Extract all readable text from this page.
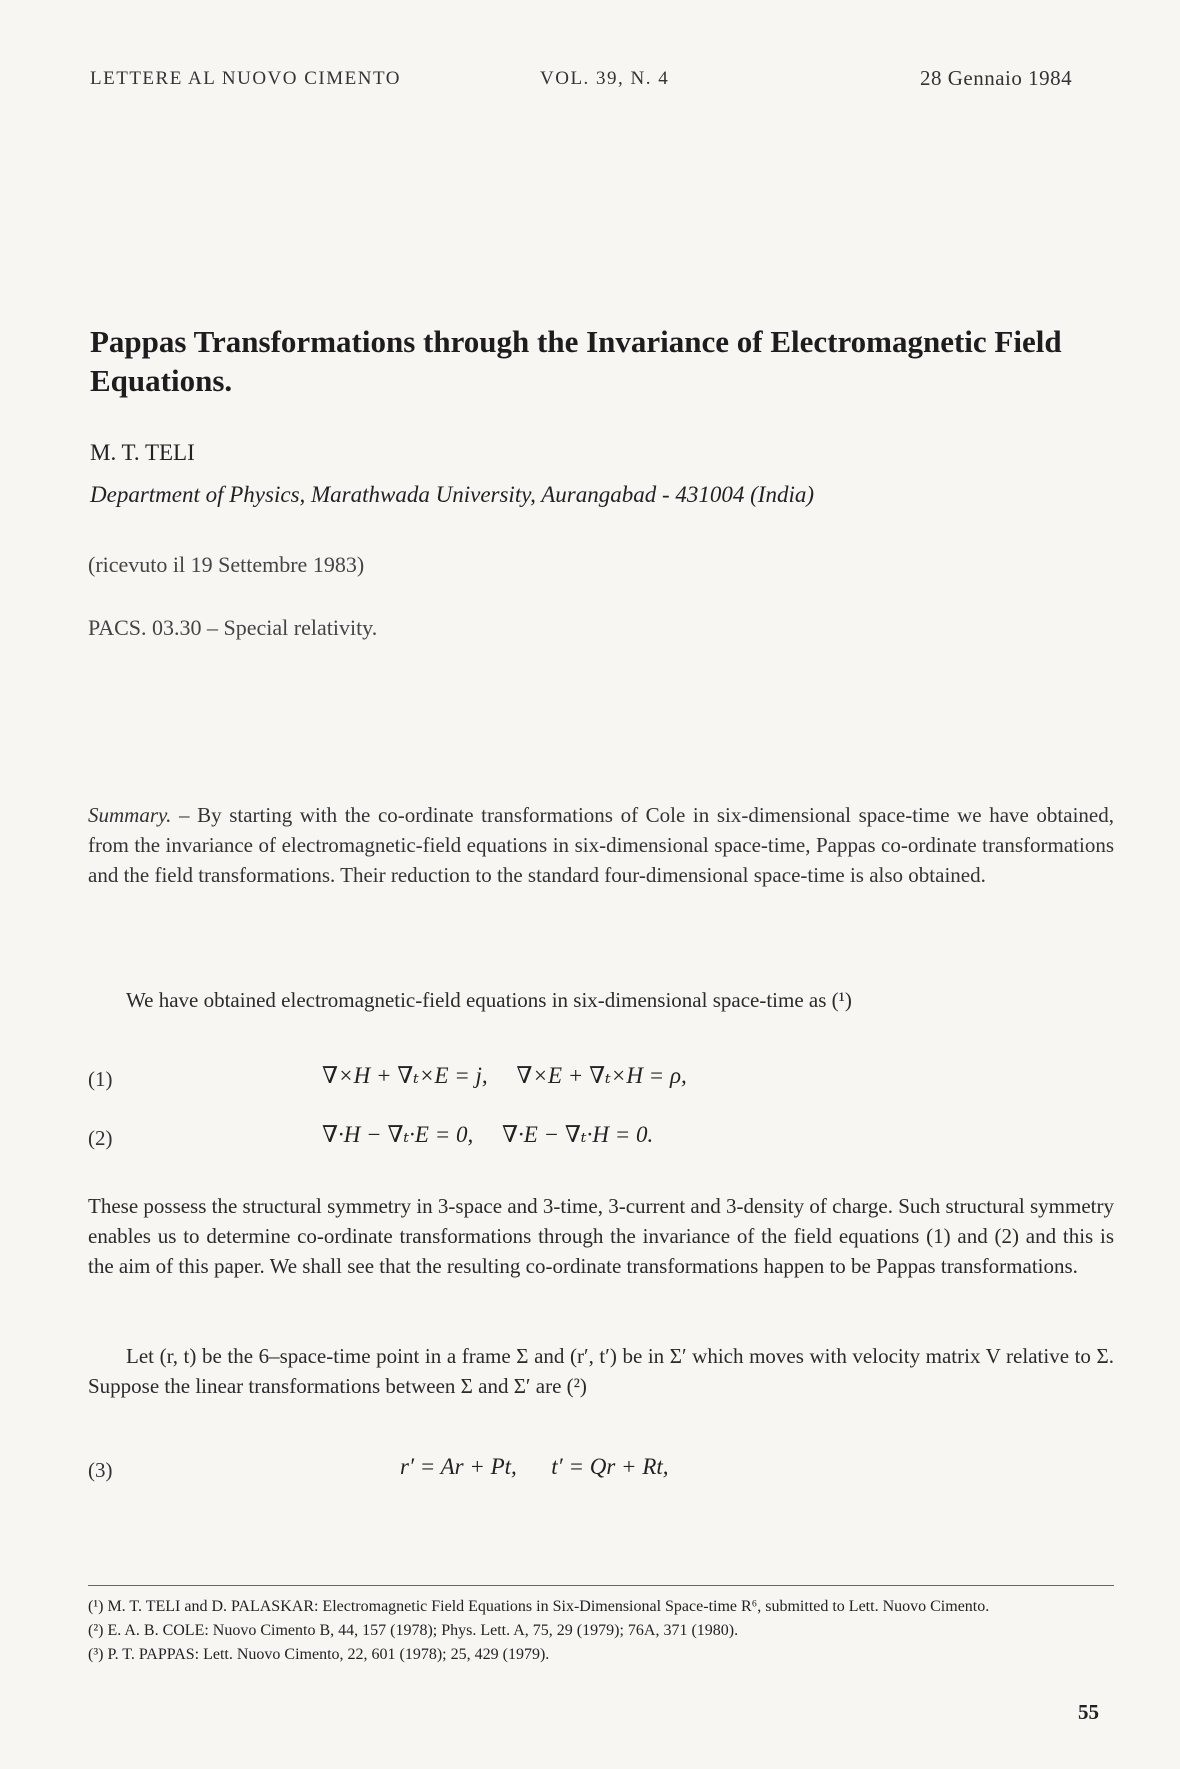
LETTERE AL NUOVO CIMENTO	VOL. 39, N. 4	28 Gennaio 1984
Pappas Transformations through the Invariance of Electromagnetic Field Equations.
M. T. TELI
Department of Physics, Marathwada University, Aurangabad - 431004 (India)
(ricevuto il 19 Settembre 1983)
PACS. 03.30 – Special relativity.
Summary. – By starting with the co-ordinate transformations of Cole in six-dimensional space-time we have obtained, from the invariance of electromagnetic-field equations in six-dimensional space-time, Pappas co-ordinate transformations and the field transformations. Their reduction to the standard four-dimensional space-time is also obtained.
We have obtained electromagnetic-field equations in six-dimensional space-time as (¹)
(1)	∇×H + ∇ₜ×E = j,     ∇×E + ∇ₜ×H = ρ,
(2)	∇·H − ∇ₜ·E = 0,     ∇·E − ∇ₜ·H = 0.
These possess the structural symmetry in 3-space and 3-time, 3-current and 3-density of charge. Such structural symmetry enables us to determine co-ordinate transformations through the invariance of the field equations (1) and (2) and this is the aim of this paper. We shall see that the resulting co-ordinate transformations happen to be Pappas transformations.
Let (r, t) be the 6–space-time point in a frame Σ and (r′, t′) be in Σ′ which moves with velocity matrix V relative to Σ. Suppose the linear transformations between Σ and Σ′ are (²)
(3)	r′ = Ar + Pt,      t′ = Qr + Rt,
(¹) M. T. TELI and D. PALASKAR: Electromagnetic Field Equations in Six-Dimensional Space-time R⁶, submitted to Lett. Nuovo Cimento.
(²) E. A. B. COLE: Nuovo Cimento B, 44, 157 (1978); Phys. Lett. A, 75, 29 (1979); 76A, 371 (1980).
(³) P. T. PAPPAS: Lett. Nuovo Cimento, 22, 601 (1978); 25, 429 (1979).
55
